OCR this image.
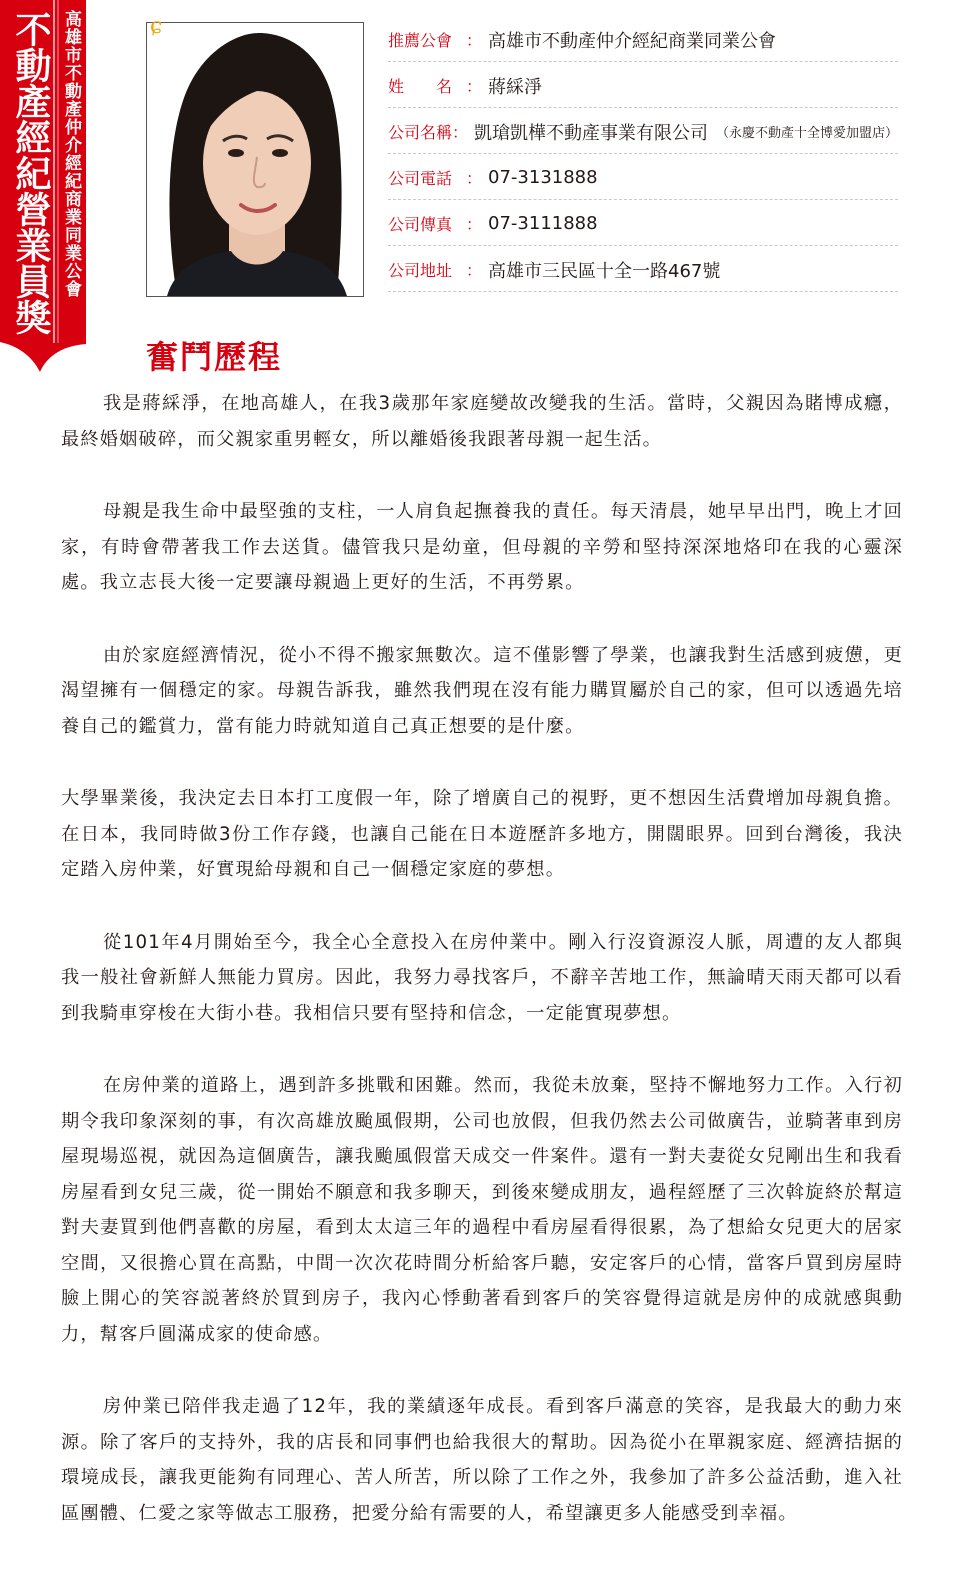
不動產經紀營業員獎 高雄市不動產仲介經紀商業同業公會	ɕ
推薦公會 ： 高雄市不動產仲介經紀商業同業公會
姓　　名 ： 蔣綵淨
公司名稱 ： 凱瑲凱樺不動產事業有限公司 （永慶不動產十全博愛加盟店）
公司電話 ： 07-3131888
公司傳真 ： 07-3111888
公司地址 ： 高雄市三民區十全一路467號
奮鬥歷程

我是蔣綵淨，在地高雄人，在我3歲那年家庭變故改變我的生活。當時，父親因為賭博成癮，最終婚姻破碎，而父親家重男輕女，所以離婚後我跟著母親一起生活。

母親是我生命中最堅強的支柱，一人肩負起撫養我的責任。每天清晨，她早早出門，晚上才回家，有時會帶著我工作去送貨。儘管我只是幼童，但母親的辛勞和堅持深深地烙印在我的心靈深處。我立志長大後一定要讓母親過上更好的生活，不再勞累。

由於家庭經濟情況，從小不得不搬家無數次。這不僅影響了學業，也讓我對生活感到疲憊，更渴望擁有一個穩定的家。母親告訴我，雖然我們現在沒有能力購買屬於自己的家，但可以透過先培養自己的鑑賞力，當有能力時就知道自己真正想要的是什麼。

大學畢業後，我決定去日本打工度假一年，除了增廣自己的視野，更不想因生活費增加母親負擔。在日本，我同時做3份工作存錢，也讓自己能在日本遊歷許多地方，開闊眼界。回到台灣後，我決定踏入房仲業，好實現給母親和自己一個穩定家庭的夢想。

從101年4月開始至今，我全心全意投入在房仲業中。剛入行沒資源沒人脈，周遭的友人都與我一般社會新鮮人無能力買房。因此，我努力尋找客戶，不辭辛苦地工作，無論晴天雨天都可以看到我騎車穿梭在大街小巷。我相信只要有堅持和信念，一定能實現夢想。

在房仲業的道路上，遇到許多挑戰和困難。然而，我從未放棄，堅持不懈地努力工作。入行初期令我印象深刻的事，有次高雄放颱風假期，公司也放假，但我仍然去公司做廣告，並騎著車到房屋現場巡視，就因為這個廣告，讓我颱風假當天成交一件案件。還有一對夫妻從女兒剛出生和我看房屋看到女兒三歲，從一開始不願意和我多聊天，到後來變成朋友，過程經歷了三次斡旋終於幫這對夫妻買到他們喜歡的房屋，看到太太這三年的過程中看房屋看得很累，為了想給女兒更大的居家空間，又很擔心買在高點，中間一次次花時間分析給客戶聽，安定客戶的心情，當客戶買到房屋時臉上開心的笑容説著終於買到房子，我內心悸動著看到客戶的笑容覺得這就是房仲的成就感與動力，幫客戶圓滿成家的使命感。

房仲業已陪伴我走過了12年，我的業績逐年成長。看到客戶滿意的笑容，是我最大的動力來源。除了客戶的支持外，我的店長和同事們也給我很大的幫助。因為從小在單親家庭、經濟拮据的環境成長，讓我更能夠有同理心、苦人所苦，所以除了工作之外，我參加了許多公益活動，進入社區團體、仁愛之家等做志工服務，把愛分給有需要的人，希望讓更多人能感受到幸福。
